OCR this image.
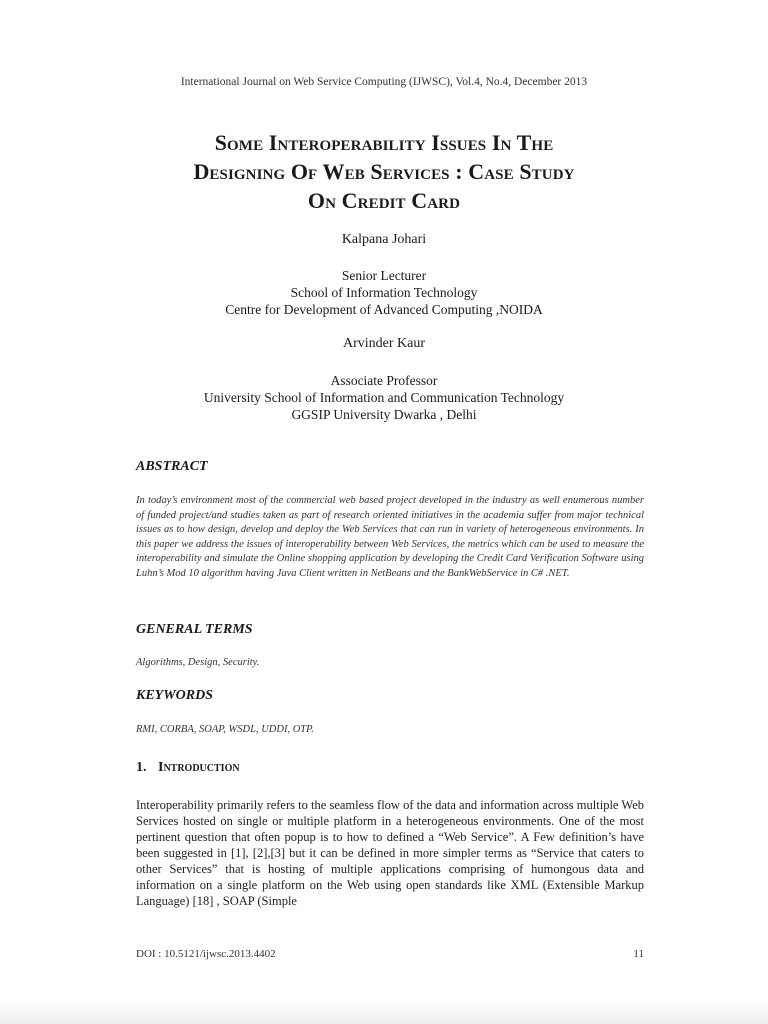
International Journal on Web Service Computing (IJWSC), Vol.4, No.4, December 2013
Some Interoperability Issues In The
Designing Of Web Services : Case Study
On Credit Card
Kalpana Johari
Senior Lecturer
School of Information Technology
Centre for Development of Advanced Computing ,NOIDA
Arvinder Kaur
Associate Professor
University School of Information and Communication Technology
GGSIP University Dwarka , Delhi
ABSTRACT
In today’s environment most of the commercial web based project developed in the industry as well enumerous number of funded project/and studies taken as part of research oriented initiatives in the academia suffer from major technical issues as to how design, develop and deploy the Web Services that can run in variety of heterogeneous environments. In this paper we address the issues of interoperability between Web Services, the metrics which can be used to measure the interoperability and simulate the Online shopping application by developing the Credit Card Verification Software using Luhn’s Mod 10 algorithm having Java Client written in NetBeans and the BankWebService in C# .NET.
GENERAL TERMS
Algorithms, Design, Security.
KEYWORDS
RMI, CORBA, SOAP, WSDL, UDDI, OTP.
1. Introduction
Interoperability primarily refers to the seamless flow of the data and information across multiple Web Services hosted on single or multiple platform in a heterogeneous environments. One of the most pertinent question that often popup is to how to defined a “Web Service”. A Few definition’s have been suggested in [1], [2],[3] but it can be defined in more simpler terms as “Service that caters to other Services” that is hosting of multiple applications comprising of humongous data and information on a single platform on the Web using open standards like XML (Extensible Markup Language) [18] , SOAP (Simple
DOI : 10.5121/ijwsc.2013.4402	11
